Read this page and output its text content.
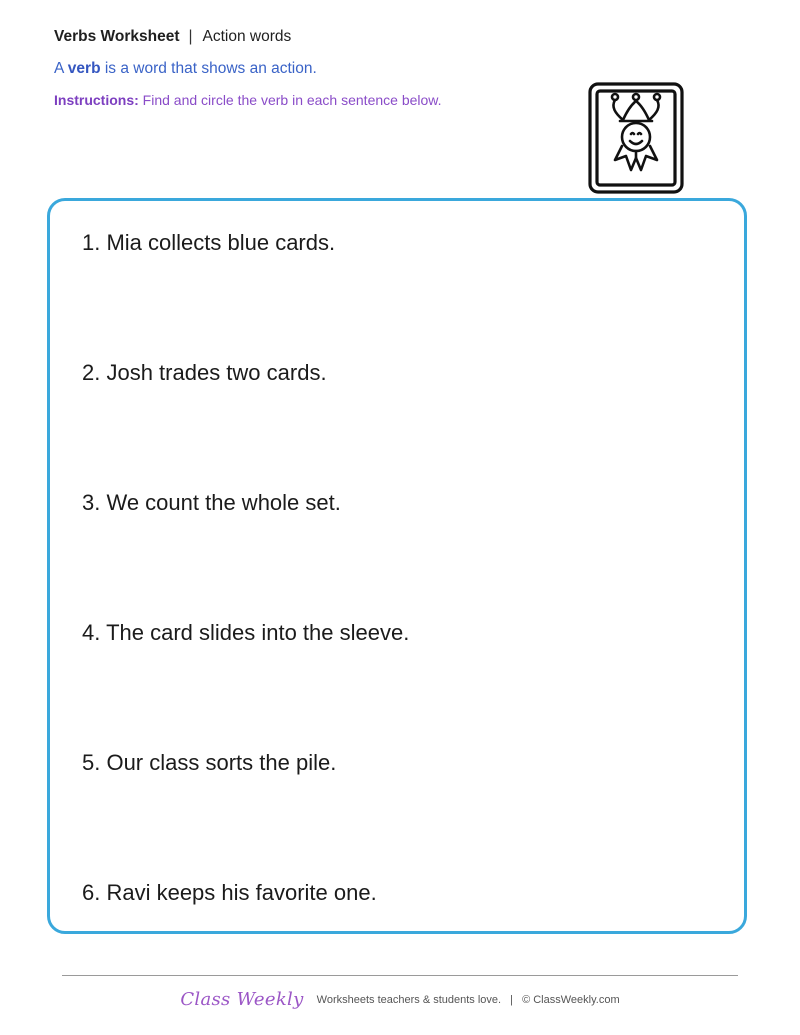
Verbs Worksheet | Action words
A verb is a word that shows an action.
Instructions: Find and circle the verb in each sentence below.
1. Mia collects blue cards.
2. Josh trades two cards.
3. We count the whole set.
4. The card slides into the sleeve.
5. Our class sorts the pile.
6. Ravi keeps his favorite one.
Class Weekly Worksheets teachers & students love. | © ClassWeekly.com
